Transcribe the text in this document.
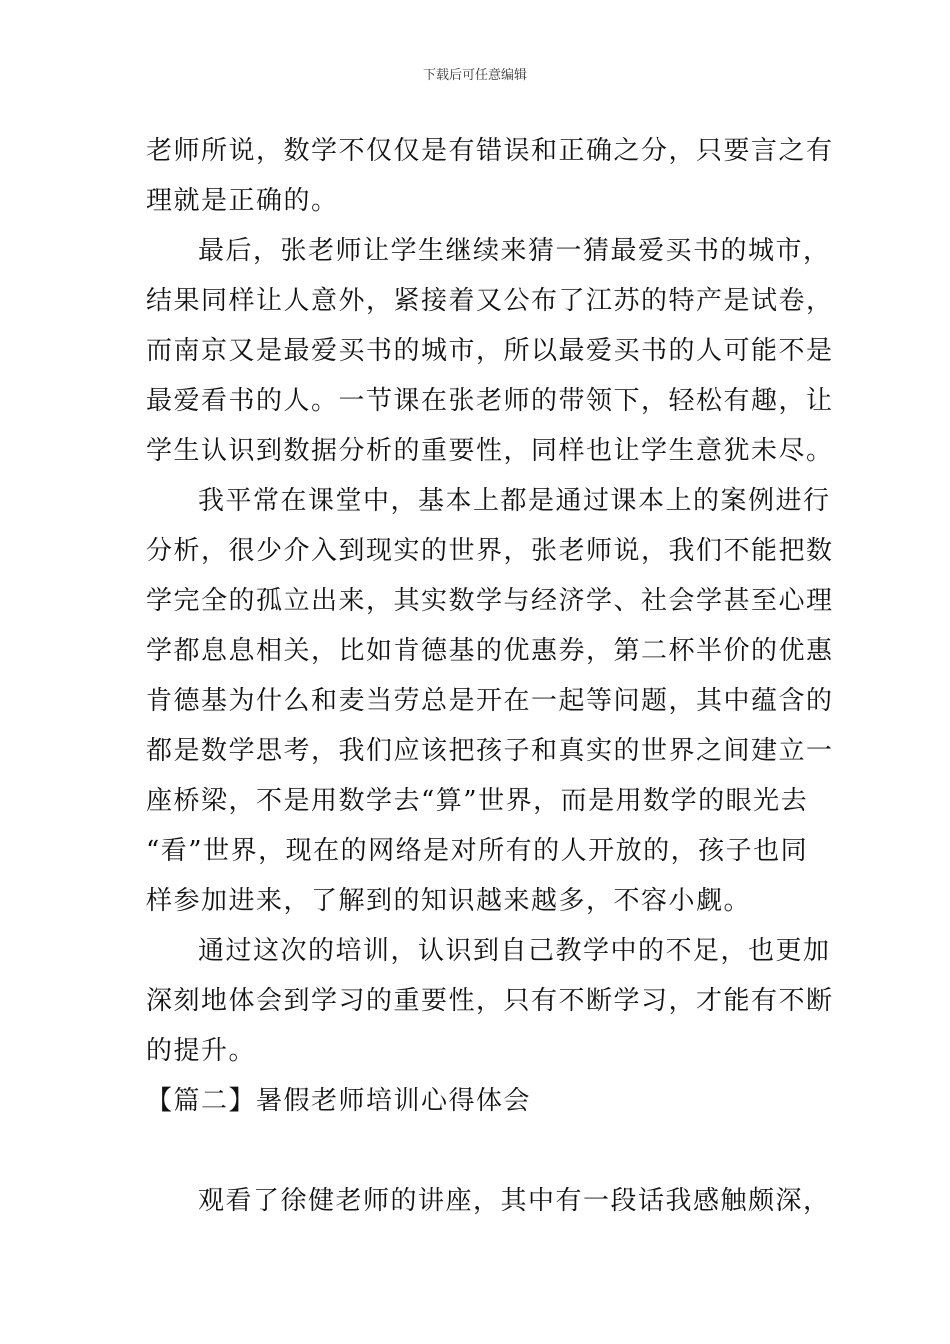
下载后可任意编辑
老师所说，数学不仅仅是有错误和正确之分，只要言之有
理就是正确的。
最后，张老师让学生继续来猜一猜最爱买书的城市，
结果同样让人意外，紧接着又公布了江苏的特产是试卷，
而南京又是最爱买书的城市，所以最爱买书的人可能不是
最爱看书的人。一节课在张老师的带领下，轻松有趣，让
学生认识到数据分析的重要性，同样也让学生意犹未尽。
我平常在课堂中，基本上都是通过课本上的案例进行
分析，很少介入到现实的世界，张老师说，我们不能把数
学完全的孤立出来，其实数学与经济学、社会学甚至心理
学都息息相关，比如肯德基的优惠券，第二杯半价的优惠
肯德基为什么和麦当劳总是开在一起等问题，其中蕴含的
都是数学思考，我们应该把孩子和真实的世界之间建立一
座桥梁，不是用数学去“算”世界，而是用数学的眼光去
“看”世界，现在的网络是对所有的人开放的，孩子也同
样参加进来，了解到的知识越来越多，不容小觑。
通过这次的培训，认识到自己教学中的不足，也更加
深刻地体会到学习的重要性，只有不断学习，才能有不断
的提升。
【篇二】暑假老师培训心得体会
观看了徐健老师的讲座，其中有一段话我感触颇深，
